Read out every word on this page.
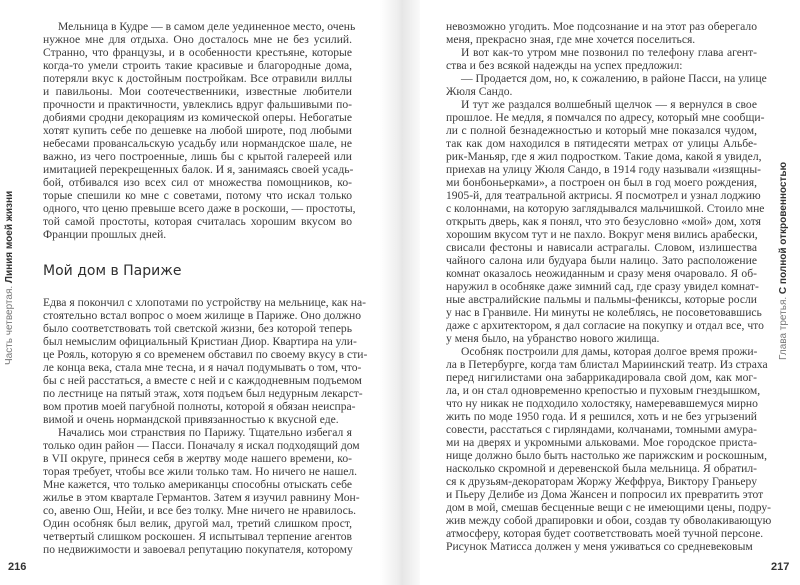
Часть четвертая. Линия моей жизни
Глава третья. С полной откровенностью
Мельница в Кудре — в самом деле уединенное место, очень
нужное мне для отдыха. Оно досталось мне не без усилий.
Странно, что французы, и в особенности крестьяне, которые
когда-то умели строить такие красивые и благородные дома,
потеряли вкус к достойным постройкам. Все отравили виллы
и павильоны. Мои соотечественники, известные любители
прочности и практичности, увлеклись вдруг фальшивыми по-
добиями сродни декорациям из комической оперы. Небогатые
хотят купить себе по дешевке на любой широте, под любыми
небесами провансальскую усадьбу или нормандское шале, не
важно, из чего построенные, лишь бы с крытой галереей или
имитацией перекрещенных балок. И я, занимаясь своей усадь-
бой, отбивался изо всех сил от множества помощников, ко-
торые спешили ко мне с советами, потому что искал только
одного, что ценю превыше всего даже в роскоши, — простоты,
той самой простоты, которая считалась хорошим вкусом во
Франции прошлых дней.
Мой дом в Париже
Едва я покончил с хлопотами по устройству на мельнице, как на-
стоятельно встал вопрос о моем жилище в Париже. Оно должно
было соответствовать той светской жизни, без которой теперь
был немыслим официальный Кристиан Диор. Квартира на ули-
це Рояль, которую я со временем обставил по своему вкусу в сти-
ле конца века, стала мне тесна, и я начал подумывать о том, что-
бы с ней расстаться, а вместе с ней и с каждодневным подъемом
по лестнице на пятый этаж, хотя подъем был недурным лекарст-
вом против моей пагубной полноты, которой я обязан неиспра-
вимой и очень нормандской привязанностью к вкусной еде.
Начались мои странствия по Парижу. Тщательно избегал я
только один район — Пасси. Поначалу я искал подходящий дом
в VII округе, принеся себя в жертву моде нашего времени, ко-
торая требует, чтобы все жили только там. Но ничего не нашел.
Мне кажется, что только американцы способны отыскать себе
жилье в этом квартале Германтов. Затем я изучил равнину Мон-
со, авеню Ош, Нейи, и все без толку. Мне ничего не нравилось.
Один особняк был велик, другой мал, третий слишком прост,
четвертый слишком роскошен. Я испытывал терпение агентов
по недвижимости и завоевал репутацию покупателя, которому
невозможно угодить. Мое подсознание и на этот раз оберегало
меня, прекрасно зная, где мне хочется поселиться.
И вот как-то утром мне позвонил по телефону глава агент-
ства и без всякой надежды на успех предложил:
— Продается дом, но, к сожалению, в районе Пасси, на улице
Жюля Сандо.
И тут же раздался волшебный щелчок — я вернулся в свое
прошлое. Не медля, я помчался по адресу, который мне сообщи-
ли с полной безнадежностью и который мне показался чудом,
так как дом находился в пятидесяти метрах от улицы Альбе-
рик-Маньяр, где я жил подростком. Такие дома, какой я увидел,
приехав на улицу Жюля Сандо, в 1914 году называли «изящны-
ми бонбоньерками», а построен он был в год моего рождения,
1905-й, для театральной актрисы. Я посмотрел и узнал лоджию
с колоннами, на которую заглядывался мальчишкой. Стоило мне
открыть дверь, как я понял, что это безусловно «мой» дом, хотя
хорошим вкусом тут и не пахло. Вокруг меня вились арабески,
свисали фестоны и нависали астрагалы. Словом, излишества
чайного салона или будуара были налицо. Зато расположение
комнат оказалось неожиданным и сразу меня очаровало. Я об-
наружил в особняке даже зимний сад, где сразу увидел комнат-
ные австралийские пальмы и пальмы-фениксы, которые росли
у нас в Гранвиле. Ни минуты не колеблясь, не посоветовавшись
даже с архитектором, я дал согласие на покупку и отдал все, что
у меня было, на убранство нового жилища.
Особняк построили для дамы, которая долгое время прожи-
ла в Петербурге, когда там блистал Мариинский театр. Из страха
перед нигилистами она забаррикадировала свой дом, как мог-
ла, и он стал одновременно крепостью и пуховым гнездышком,
что ну никак не подходило холостяку, намеревавшемуся мирно
жить по моде 1950 года. И я решился, хоть и не без угрызений
совести, расстаться с гирляндами, колчанами, томными амура-
ми на дверях и укромными альковами. Мое городское приста-
нище должно было быть настолько же парижским и роскошным,
насколько скромной и деревенской была мельница. Я обратил-
ся к друзьям-декораторам Жоржу Жеффруа, Виктору Граньеру
и Пьеру Делибе из Дома Жансен и попросил их превратить этот
дом в мой, смешав бесценные вещи с не имеющими цены, подру-
жив между собой драпировки и обои, создав ту обволакивающую
атмосферу, которая будет соответствовать моей тучной персоне.
Рисунок Матисса должен у меня уживаться со средневековым
216	217
